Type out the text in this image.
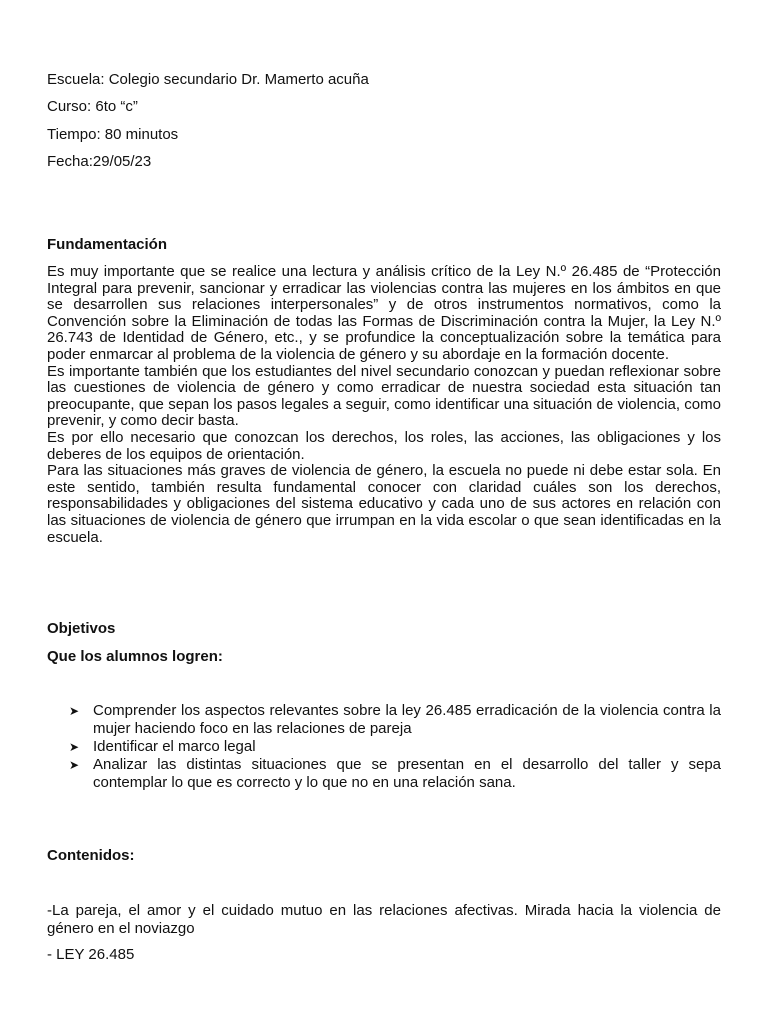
Escuela: Colegio secundario Dr. Mamerto acuña
Curso: 6to “c”
Tiempo: 80 minutos
Fecha:29/05/23
Fundamentación
Es muy importante que se realice una lectura y análisis crítico de la Ley N.º 26.485 de “Protección Integral para prevenir, sancionar y erradicar las violencias contra las mujeres en los ámbitos en que se desarrollen sus relaciones interpersonales” y de otros instrumentos normativos, como la Convención sobre la Eliminación de todas las Formas de Discriminación contra la Mujer, la Ley N.º 26.743 de Identidad de Género, etc., y se profundice la conceptualización sobre la temática para poder enmarcar al problema de la violencia de género y su abordaje en la formación docente.
Es importante también que los estudiantes del nivel secundario conozcan y puedan reflexionar sobre las cuestiones de violencia de género y como erradicar de nuestra sociedad esta situación tan preocupante, que sepan los pasos legales a seguir, como identificar una situación de violencia, como prevenir, y como decir basta.
Es por ello necesario que conozcan los derechos, los roles, las acciones, las obligaciones y los deberes de los equipos de orientación.
Para las situaciones más graves de violencia de género, la escuela no puede ni debe estar sola. En este sentido, también resulta fundamental conocer con claridad cuáles son los derechos, responsabilidades y obligaciones del sistema educativo y cada uno de sus actores en relación con las situaciones de violencia de género que irrumpan en la vida escolar o que sean identificadas en la escuela.
Objetivos
Que los alumnos logren:
➤ Comprender los aspectos relevantes sobre la ley 26.485 erradicación de la violencia contra la mujer haciendo foco en las relaciones de pareja
➤ Identificar el marco legal
➤ Analizar las distintas situaciones que se presentan en el desarrollo del taller y sepa contemplar lo que es correcto y lo que no en una relación sana.
Contenidos:

-La pareja, el amor y el cuidado mutuo en las relaciones afectivas. Mirada hacia la violencia de género en el noviazgo

- LEY 26.485
